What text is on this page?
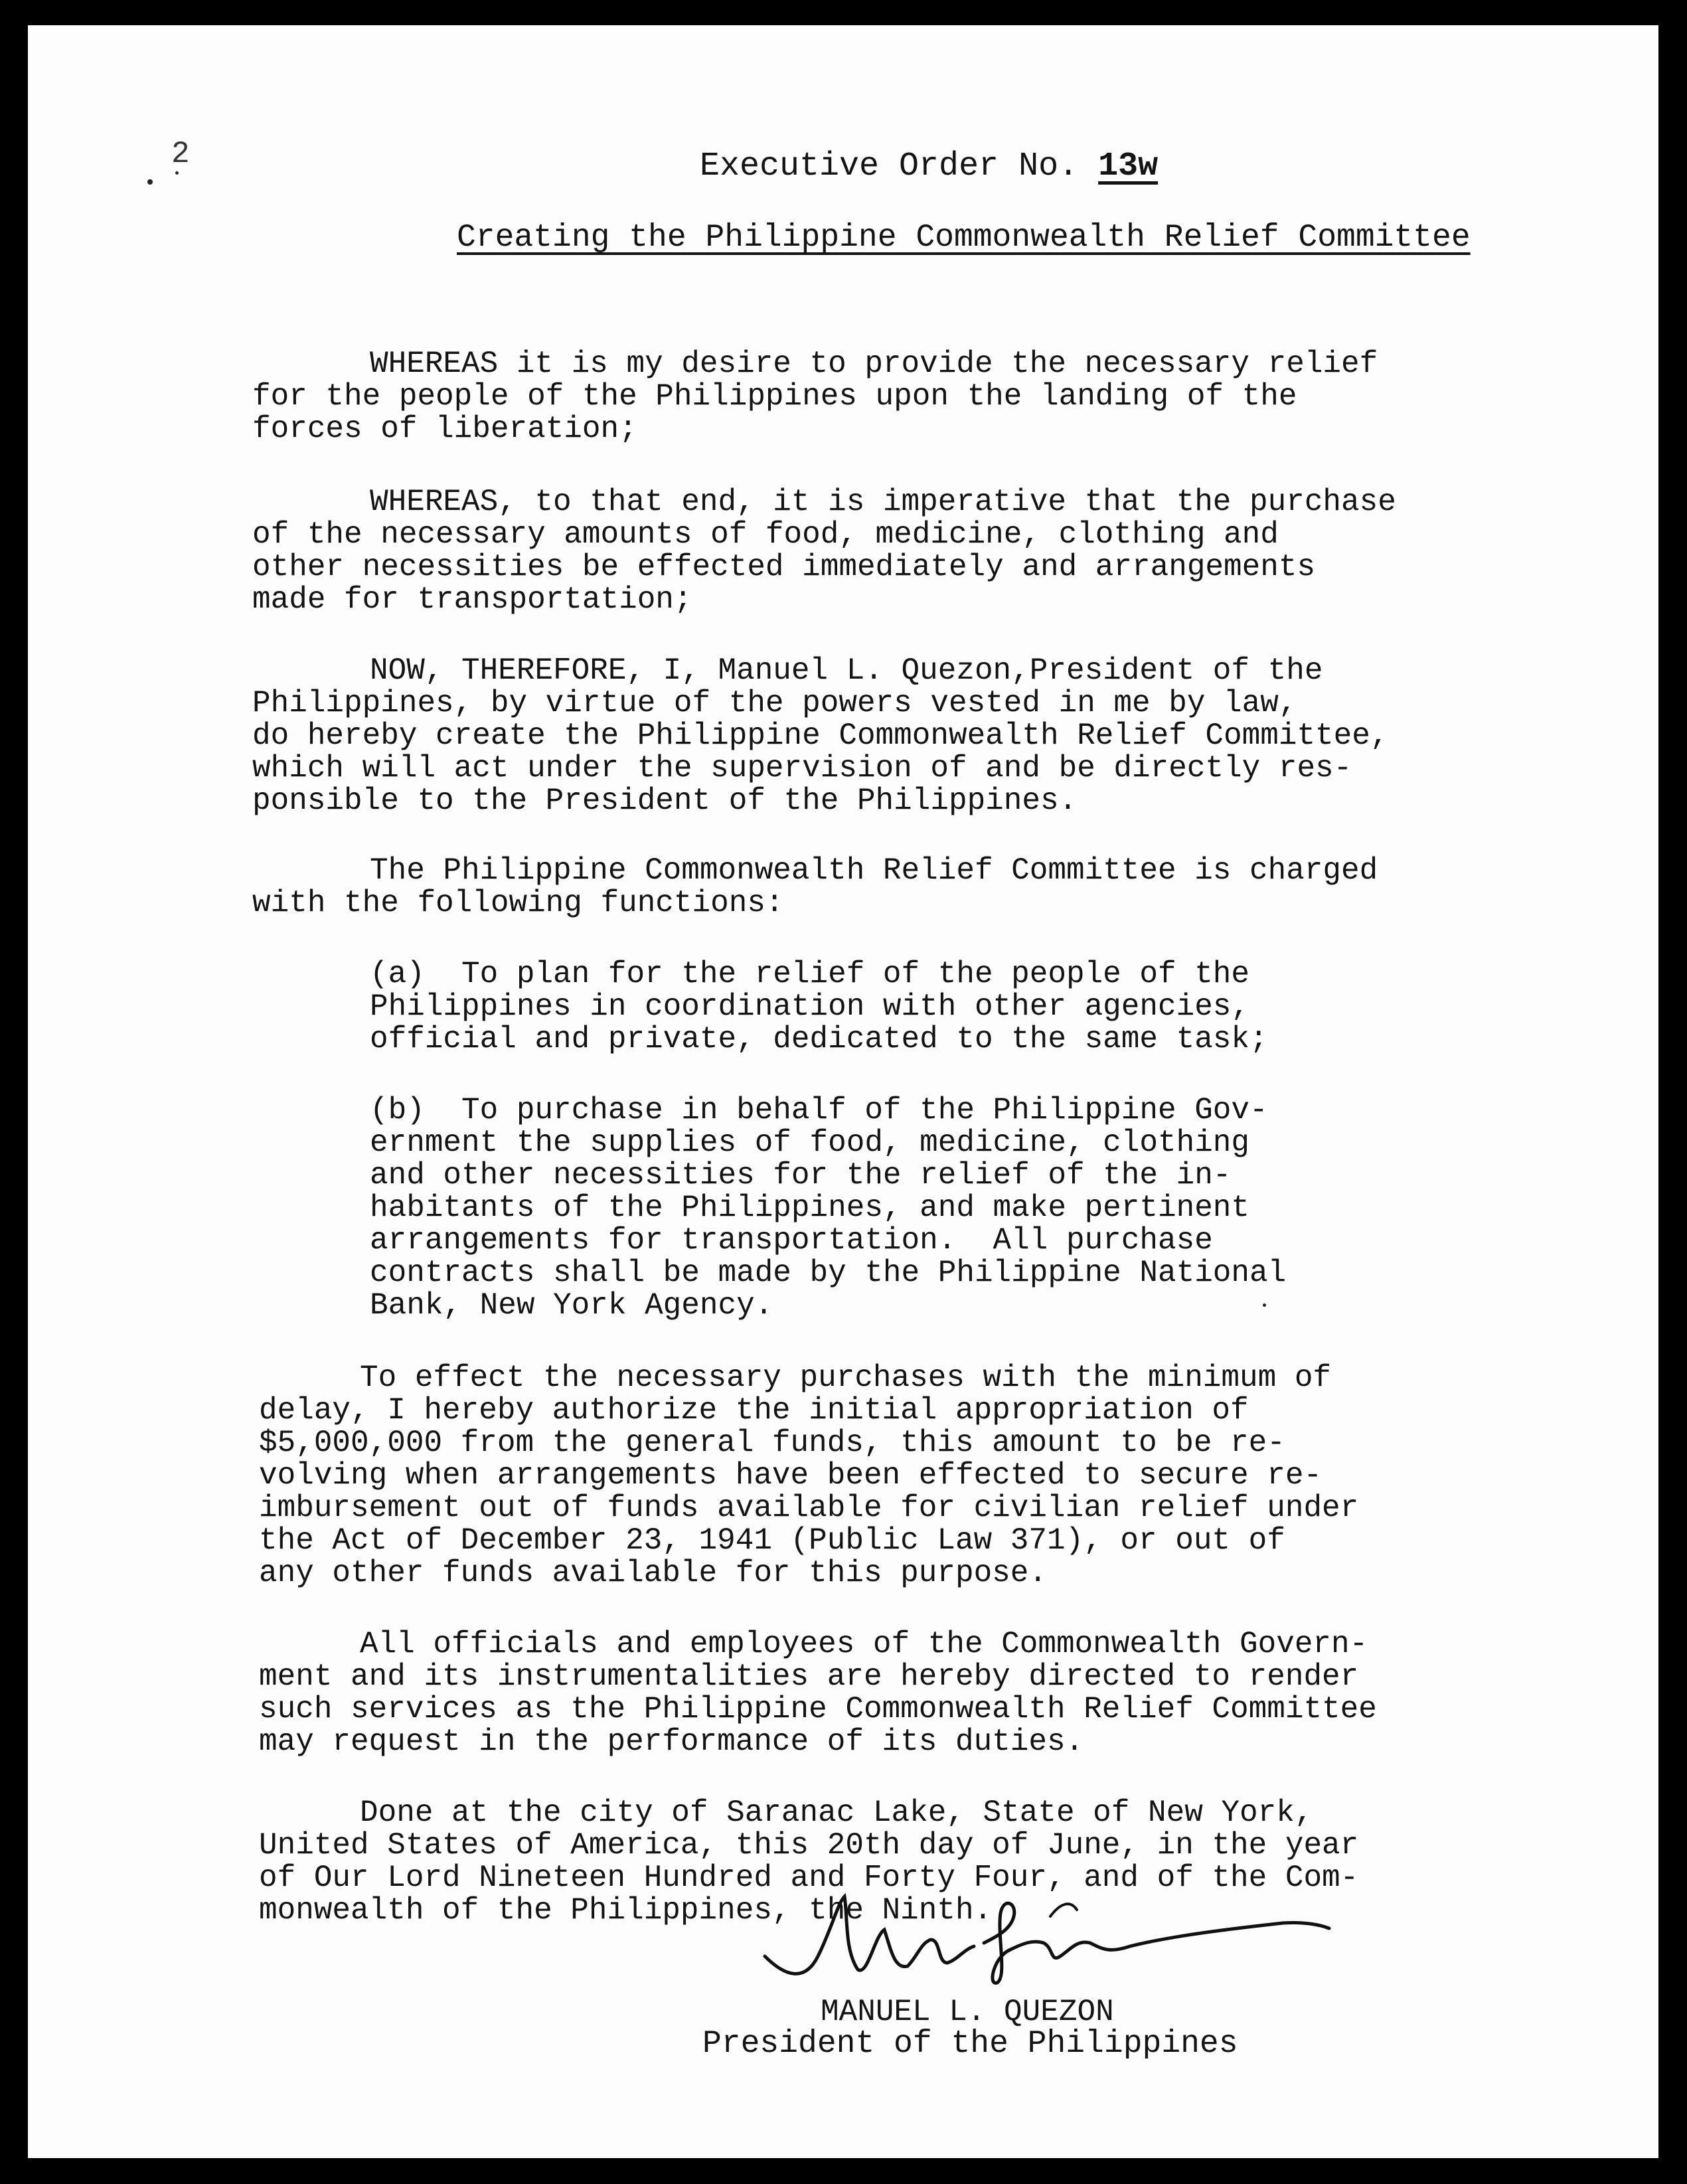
2	Executive Order No. 13w
Creating the Philippine Commonwealth Relief Committee
WHEREAS it is my desire to provide the necessary relief
for the people of the Philippines upon the landing of the
forces of liberation;
WHEREAS, to that end, it is imperative that the purchase
of the necessary amounts of food, medicine, clothing and
other necessities be effected immediately and arrangements
made for transportation;
NOW, THEREFORE, I, Manuel L. Quezon,President of the
Philippines, by virtue of the powers vested in me by law,
do hereby create the Philippine Commonwealth Relief Committee,
which will act under the supervision of and be directly res-
ponsible to the President of the Philippines.
The Philippine Commonwealth Relief Committee is charged
with the following functions:
(a)  To plan for the relief of the people of the
Philippines in coordination with other agencies,
official and private, dedicated to the same task;
(b)  To purchase in behalf of the Philippine Gov-
ernment the supplies of food, medicine, clothing
and other necessities for the relief of the in-
habitants of the Philippines, and make pertinent
arrangements for transportation.  All purchase
contracts shall be made by the Philippine National
Bank, New York Agency.
To effect the necessary purchases with the minimum of
delay, I hereby authorize the initial appropriation of
$5,000,000 from the general funds, this amount to be re-
volving when arrangements have been effected to secure re-
imbursement out of funds available for civilian relief under
the Act of December 23, 1941 (Public Law 371), or out of
any other funds available for this purpose.
All officials and employees of the Commonwealth Govern-
ment and its instrumentalities are hereby directed to render
such services as the Philippine Commonwealth Relief Committee
may request in the performance of its duties.
Done at the city of Saranac Lake, State of New York,
United States of America, this 20th day of June, in the year
of Our Lord Nineteen Hundred and Forty Four, and of the Com-
monwealth of the Philippines, the Ninth.
MANUEL L. QUEZON
President of the Philippines
